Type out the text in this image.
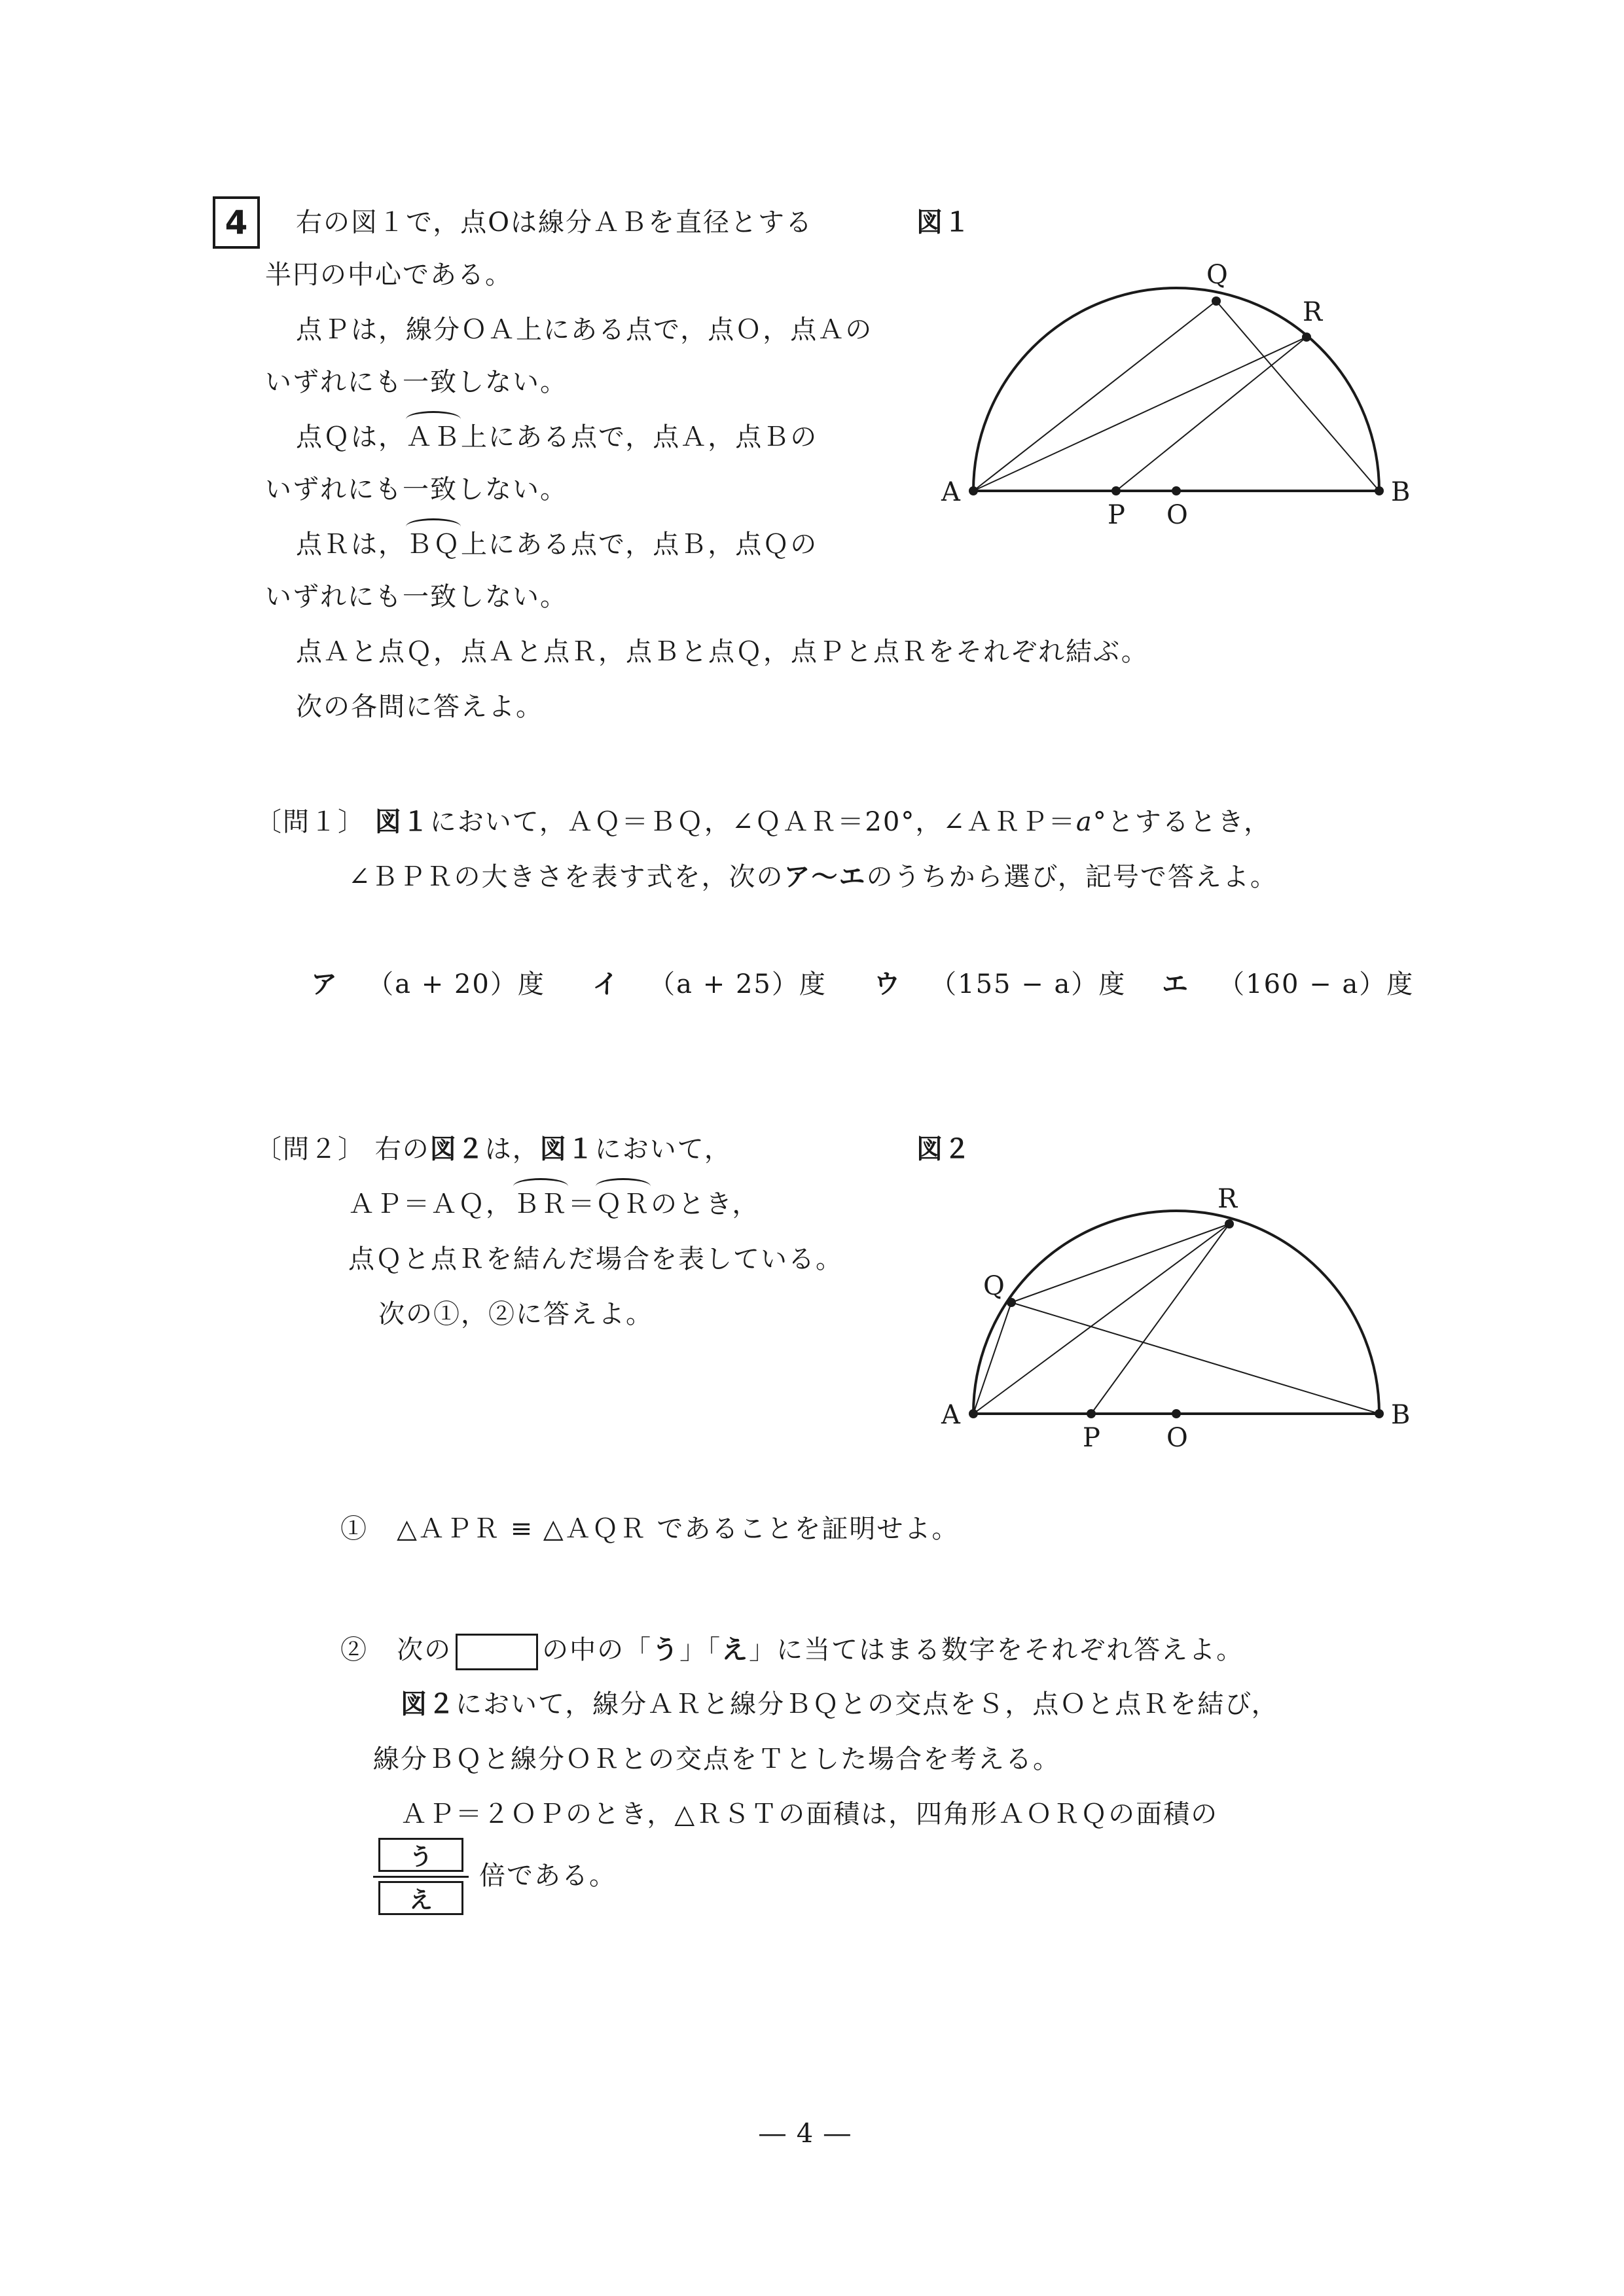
4	右の図１で，点Oは線分ＡＢを直径とする
半円の中心である。
点Ｐは，線分ＯＡ上にある点で，点Ｏ，点Ａの
いずれにも一致しない。
点Ｑは，ＡＢ上にある点で，点Ａ，点Ｂの
いずれにも一致しない。
点Ｒは，ＢＱ上にある点で，点Ｂ，点Ｑの
いずれにも一致しない。
点Ａと点Ｑ，点Ａと点Ｒ，点Ｂと点Ｑ，点Ｐと点Ｒをそれぞれ結ぶ。
次の各問に答えよ。
図１
A	B
O
P
Q
R
〔問１〕 図１において，ＡＱ＝ＢＱ，∠ＱＡＲ＝20°，∠ＡＲＰ＝a°とするとき，
∠ＢＰＲの大きさを表す式を，次のア〜エのうちから選び，記号で答えよ。
ア （a + 20）度 イ （a + 25）度 ウ （155 − a）度 エ （160 − a）度
〔問２〕 右の図２は，図１において，
ＡＰ＝ＡＱ，ＢＲ＝ＱＲのとき，
点Ｑと点Ｒを結んだ場合を表している。
次の①，②に答えよ。
図２
A	B
O
P
Q
R
① △ＡＰＲ ≡ △ＡＱＲ であることを証明せよ。
② 次の	の中の「う」「え」に当てはまる数字をそれぞれ答えよ。
図２において，線分ＡＲと線分ＢＱとの交点をＳ，点Ｏと点Ｒを結び，
線分ＢＱと線分ＯＲとの交点をＴとした場合を考える。
ＡＰ＝２ＯＰのとき，△ＲＳＴの面積は，四角形ＡＯＲＱの面積の
う
え
倍である。
― 4 ―
